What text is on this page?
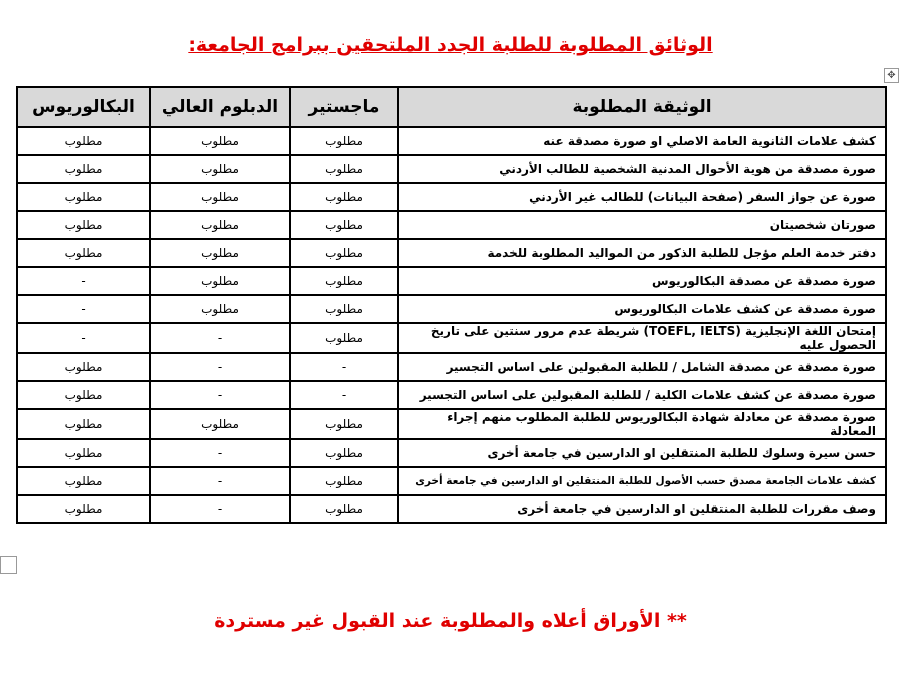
الوثائق المطلوبة للطلبة الجدد الملتحقين ببرامج الجامعة:
✥
الوثيقة المطلوبة	ماجستير	الدبلوم العالي	البكالوريوس
كشف علامات الثانوية العامة الاصلي او صورة مصدقة عنه	مطلوب	مطلوب	مطلوب
صورة مصدقة من هوية الأحوال المدنية الشخصية للطالب الأردني	مطلوب	مطلوب	مطلوب
صورة عن جواز السفر (صفحة البيانات) للطالب غير الأردني	مطلوب	مطلوب	مطلوب
صورتان شخصيتان	مطلوب	مطلوب	مطلوب
دفتر خدمة العلم مؤجل للطلبة الذكور من المواليد المطلوبة للخدمة	مطلوب	مطلوب	مطلوب
صورة مصدقة عن مصدقة البكالوريوس	مطلوب	مطلوب	-
صورة مصدقة عن كشف علامات البكالوريوس	مطلوب	مطلوب	-
إمتحان اللغة الإنجليزية (TOEFL, IELTS) شريطة عدم مرور سنتين على تاريخ الحصول عليه	مطلوب	-	-
صورة مصدقة عن مصدقة الشامل / للطلبة المقبولين على اساس التجسير	-	-	مطلوب
صورة مصدقة عن كشف علامات الكلية / للطلبة المقبولين على اساس التجسير	-	-	مطلوب
صورة مصدقة عن معادلة شهادة البكالوريوس للطلبة المطلوب منهم إجراء المعادلة	مطلوب	مطلوب	مطلوب
حسن سيرة وسلوك للطلبة المنتقلين او الدارسين في جامعة أخرى	مطلوب	-	مطلوب
كشف علامات الجامعة مصدق حسب الأصول للطلبة المنتقلين او الدارسين في جامعة أخرى	مطلوب	-	مطلوب
وصف مقررات للطلبة المنتقلين او الدارسين في جامعة أخرى	مطلوب	-	مطلوب
** الأوراق أعلاه والمطلوبة عند القبول غير مستردة
